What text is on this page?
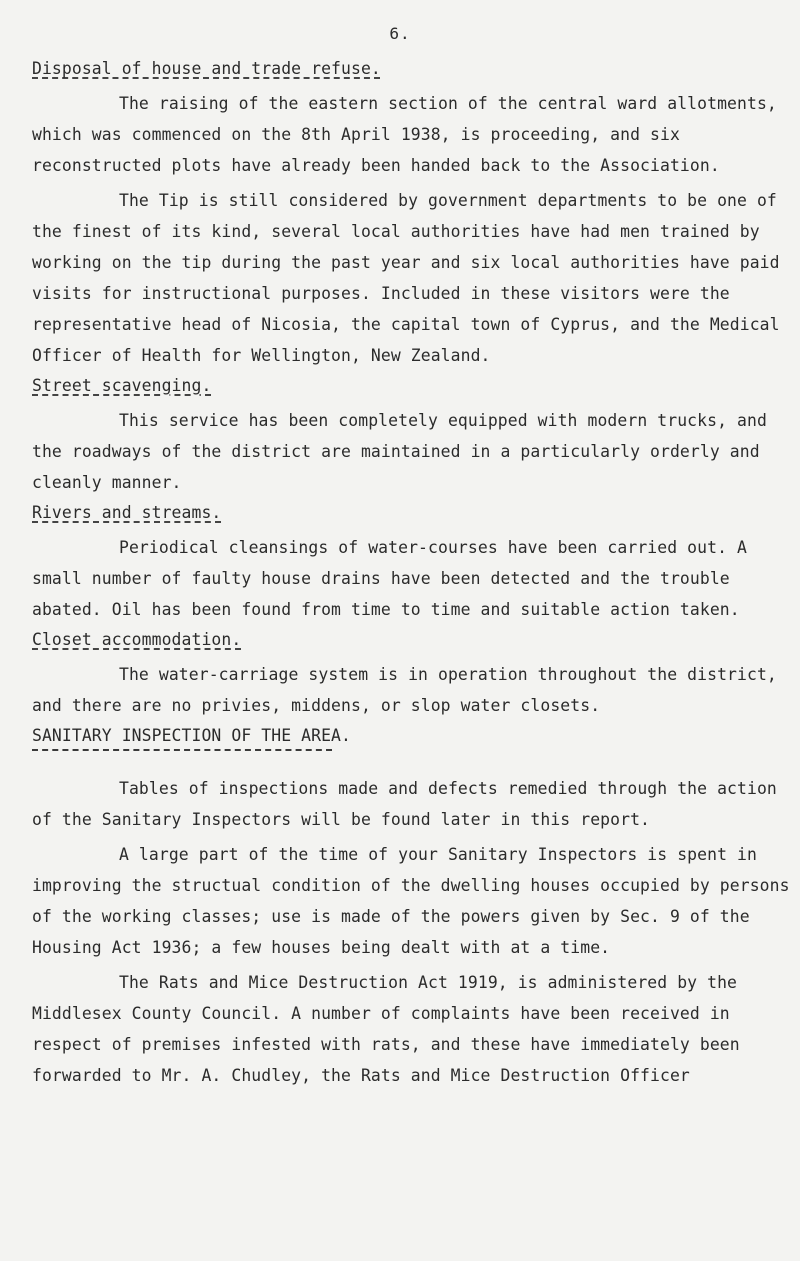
6.
Disposal of house and trade refuse.

The raising of the eastern section of the central ward allotments, which was commenced on the 8th April 1938, is proceeding, and six reconstructed plots have already been handed back to the Association.

The Tip is still considered by government departments to be one of the finest of its kind, several local authorities have had men trained by working on the tip during the past year and six local authorities have paid visits for instructional purposes. Included in these visitors were the representative head of Nicosia, the capital town of Cyprus, and the Medical Officer of Health for Wellington, New Zealand.

Street scavenging.

This service has been completely equipped with modern trucks, and the roadways of the district are maintained in a particularly orderly and cleanly manner.

Rivers and streams.

Periodical cleansings of water-courses have been carried out. A small number of faulty house drains have been detected and the trouble abated. Oil has been found from time to time and suitable action taken.

Closet accommodation.

The water-carriage system is in operation throughout the district, and there are no privies, middens, or slop water closets.

SANITARY INSPECTION OF THE AREA.

Tables of inspections made and defects remedied through the action of the Sanitary Inspectors will be found later in this report.

A large part of the time of your Sanitary Inspectors is spent in improving the structual condition of the dwelling houses occupied by persons of the working classes; use is made of the powers given by Sec. 9 of the Housing Act 1936; a few houses being dealt with at a time.

The Rats and Mice Destruction Act 1919, is administered by the Middlesex County Council. A number of complaints have been received in respect of premises infested with rats, and these have immediately been forwarded to Mr. A. Chudley, the Rats and Mice Destruction Officer
